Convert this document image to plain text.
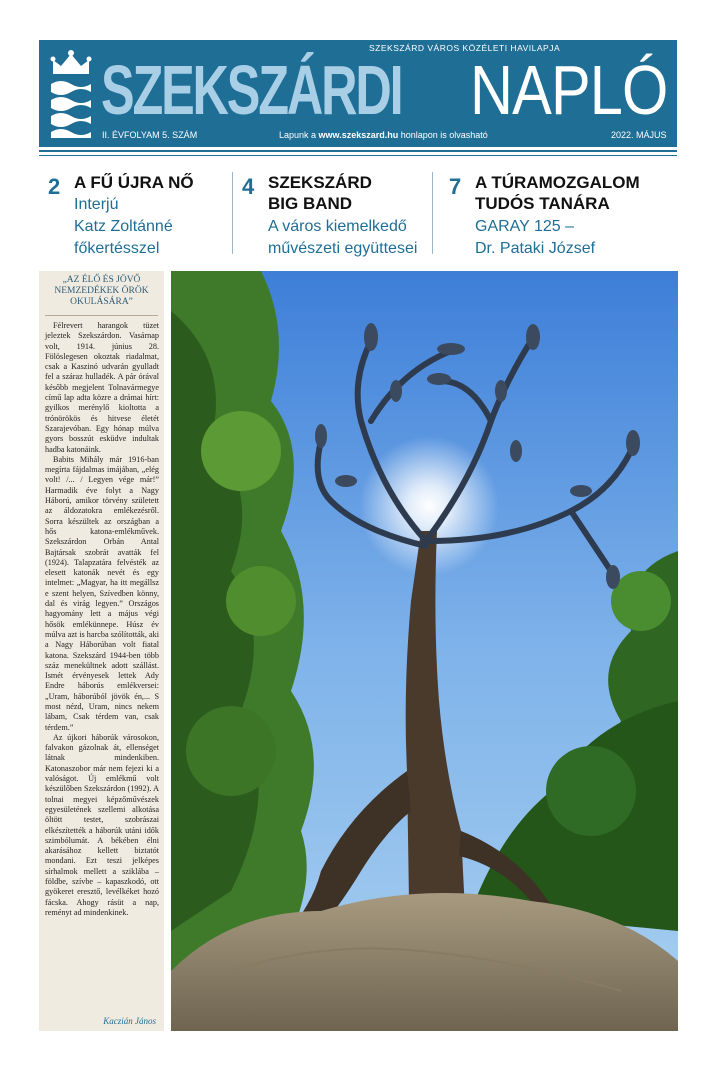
SZEKSZÁRD VÁROS KÖZÉLETI HAVILAPJA
SZEKSZÁRDI NAPLÓ
II. ÉVFOLYAM 5. SZÁM	Lapunk a www.szekszard.hu honlapon is olvasható	2022. MÁJUS
2 A FŰ ÚJRA NŐ
Interjú
Katz Zoltánné
főkertésszel
4 SZEKSZÁRD
BIG BAND
A város kiemelkedő
művészeti együttesei
7 A TÚRAMOZGALOM
TUDÓS TANÁRA
GARAY 125 –
Dr. Pataki József
„AZ ÉLŐ ÉS JÖVŐ NEMZEDÉKEK ÖRÖK OKULÁSÁRA”

Félrevert harangok tüzet jeleztek Szekszárdon. Vasárnap volt, 1914. június 28. Fölöslegesen okoztak riadalmat, csak a Kaszinó udvarán gyulladt fel a száraz hulladék. A pár órával később megjelent Tolnavármegye című lap adta közre a drámai hírt: gyilkos merénylő kioltotta a trónörökös és hitvese életét Szarajevóban. Egy hónap múlva gyors bosszút esküdve indultak hadba katonáink.

Babits Mihály már 1916-ban megírta fájdalmas imájában, „elég volt! /... / Legyen vége már!” Harmadik éve folyt a Nagy Háború, amikor törvény született az áldozatokra emlékezésről. Sorra készültek az országban a hős katona-emlékművek. Szekszárdon Orbán Antal Bajtársak szobrát avatták fel (1924). Talapzatára felvésték az elesett katonák nevét és egy intelmet: „Magyar, ha itt megállsz e szent helyen, Szívedben könny, dal és virág legyen.” Országos hagyomány lett a május végi hősök emlékünnepe. Húsz év múlva azt is harcba szólították, aki a Nagy Háborúban volt fiatal katona. Szekszárd 1944-ben több száz menekültnek adott szállást. Ismét érvényesek lettek Ady Endre háborús emlékversei: „Uram, háborúból jövök én,... S most nézd, Uram, nincs nekem lábam, Csak térdem van, csak térdem.”

Az újkori háborúk városokon, falvakon gázolnak át, ellenséget látnak mindenkiben. Katonaszobor már nem fejezi ki a valóságot. Új emlékmű volt készülőben Szekszárdon (1992). A tolnai megyei képzőművészek egyesületének szellemi alkotása öltött testet, szobrászai elkészítették a háborúk utáni idők szimbólumát. A békében élni akarásához kellett biztatót mondani. Ezt teszi jelképes sírhalmok mellett a sziklába – földbe, szívbe – kapaszkodó, ott gyökeret eresztő, levélkéket hozó fácska. Ahogy rásüt a nap, reményt ad mindenkinek.

Kaczián János
